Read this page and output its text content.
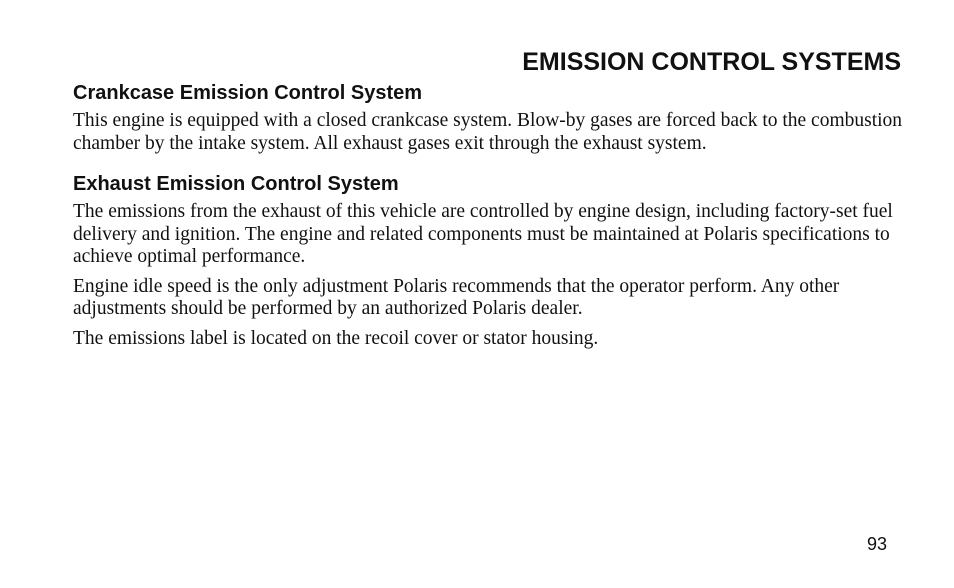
EMISSION CONTROL SYSTEMS
Crankcase Emission Control System

This engine is equipped with a closed crankcase system. Blow-by gases are forced back to the combustion chamber by the intake system. All exhaust gases exit through the exhaust system.

Exhaust Emission Control System

The emissions from the exhaust of this vehicle are controlled by engine design, including factory-set fuel delivery and ignition. The engine and related components must be maintained at Polaris specifications to achieve optimal performance.

Engine idle speed is the only adjustment Polaris recommends that the operator perform. Any other adjustments should be performed by an authorized Polaris dealer.

The emissions label is located on the recoil cover or stator housing.

93
